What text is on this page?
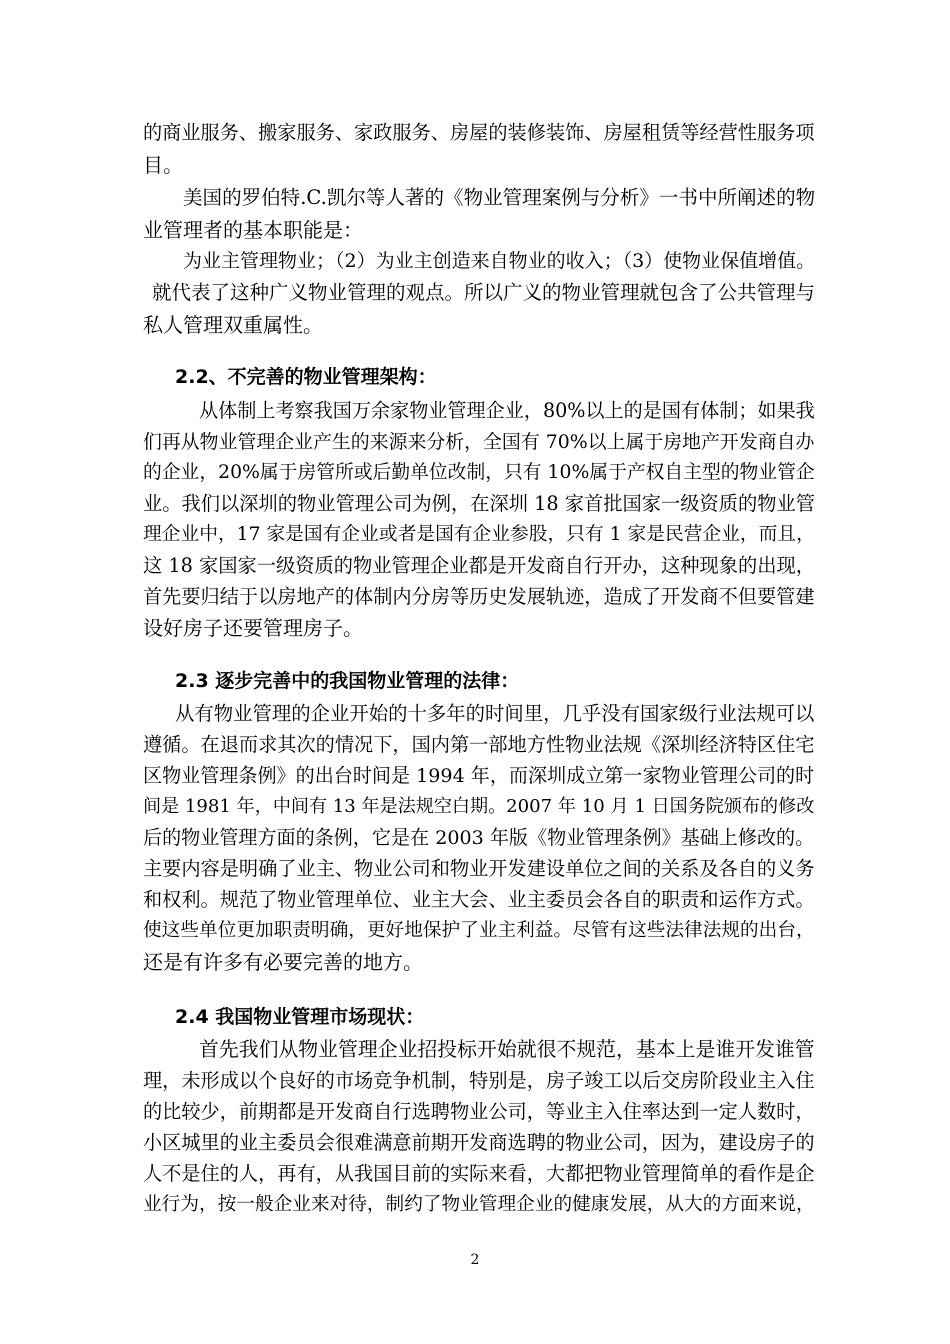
的商业服务、搬家服务、家政服务、房屋的装修装饰、房屋租赁等经营性服务项

目。

美国的罗伯特.C.凯尔等人著的《物业管理案例与分析》一书中所阐述的物

业管理者的基本职能是：

为业主管理物业；（2）为业主创造来自物业的收入；（3）使物业保值增值。

就代表了这种广义物业管理的观点。所以广义的物业管理就包含了公共管理与

私人管理双重属性。

2.2、不完善的物业管理架构：

从体制上考察我国万余家物业管理企业，80%以上的是国有体制；如果我

们再从物业管理企业产生的来源来分析，全国有 70%以上属于房地产开发商自办

的企业，20%属于房管所或后勤单位改制，只有 10%属于产权自主型的物业管企

业。我们以深圳的物业管理公司为例，在深圳 18 家首批国家一级资质的物业管

理企业中，17 家是国有企业或者是国有企业参股，只有 1 家是民营企业，而且，

这 18 家国家一级资质的物业管理企业都是开发商自行开办，这种现象的出现，

首先要归结于以房地产的体制内分房等历史发展轨迹，造成了开发商不但要管建

设好房子还要管理房子。

2.3 逐步完善中的我国物业管理的法律：

从有物业管理的企业开始的十多年的时间里，几乎没有国家级行业法规可以

遵循。在退而求其次的情况下，国内第一部地方性物业法规《深圳经济特区住宅

区物业管理条例》的出台时间是 1994 年，而深圳成立第一家物业管理公司的时

间是 1981 年，中间有 13 年是法规空白期。2007 年 10 月 1 日国务院颁布的修改

后的物业管理方面的条例，它是在 2003 年版《物业管理条例》基础上修改的。

主要内容是明确了业主、物业公司和物业开发建设单位之间的关系及各自的义务

和权利。规范了物业管理单位、业主大会、业主委员会各自的职责和运作方式。

使这些单位更加职责明确，更好地保护了业主利益。尽管有这些法律法规的出台，

还是有许多有必要完善的地方。

2.4 我国物业管理市场现状：

首先我们从物业管理企业招投标开始就很不规范，基本上是谁开发谁管

理，未形成以个良好的市场竞争机制，特别是，房子竣工以后交房阶段业主入住

的比较少，前期都是开发商自行选聘物业公司，等业主入住率达到一定人数时，

小区城里的业主委员会很难满意前期开发商选聘的物业公司，因为，建设房子的

人不是住的人，再有，从我国目前的实际来看，大都把物业管理简单的看作是企

业行为，按一般企业来对待，制约了物业管理企业的健康发展，从大的方面来说，

2
